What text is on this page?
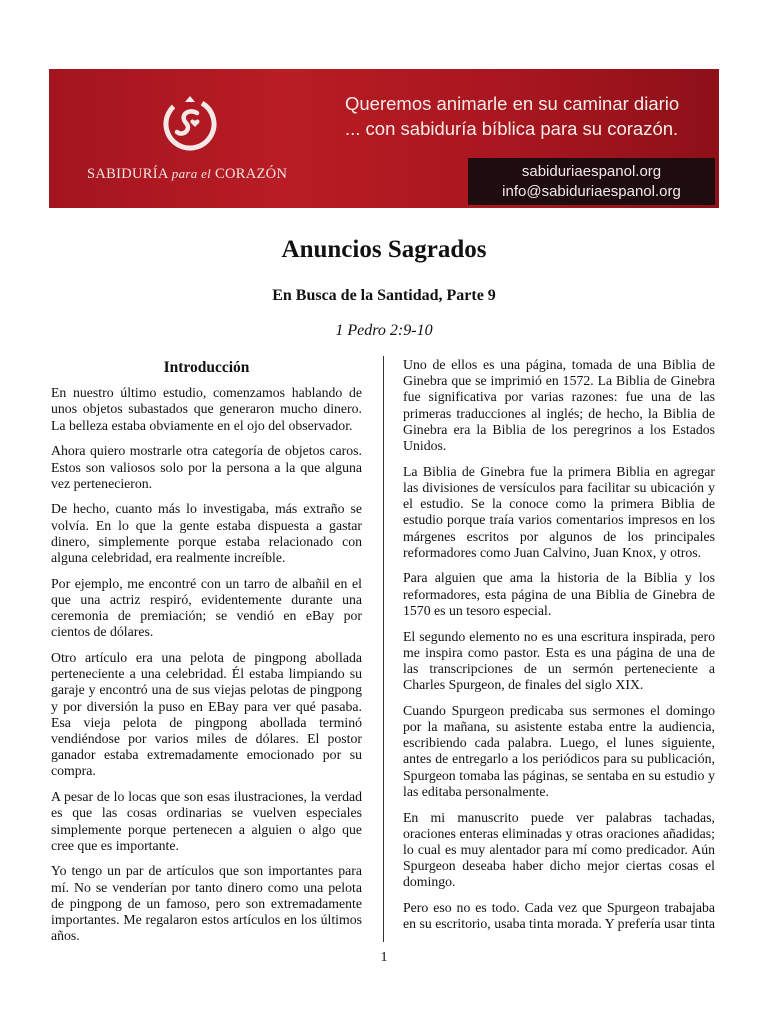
SABIDURÍA para el CORAZÓN
Queremos animarle en su caminar diario
... con sabiduría bíblica para su corazón.
sabiduriaespanol.org
info@sabiduriaespanol.org
Anuncios Sagrados
En Busca de la Santidad, Parte 9
1 Pedro 2:9-10
Introducción

En nuestro último estudio, comenzamos hablando de unos objetos subastados que generaron mucho dinero. La belleza estaba obviamente en el ojo del observador.

Ahora quiero mostrarle otra categoría de objetos caros. Estos son valiosos solo por la persona a la que alguna vez pertenecieron.

De hecho, cuanto más lo investigaba, más extraño se volvía. En lo que la gente estaba dispuesta a gastar dinero, simplemente porque estaba relacionado con alguna celebridad, era realmente increíble.

Por ejemplo, me encontré con un tarro de albañil en el que una actriz respiró, evidentemente durante una ceremonia de premiación; se vendió en eBay por cientos de dólares.

Otro artículo era una pelota de pingpong abollada perteneciente a una celebridad. Él estaba limpiando su garaje y encontró una de sus viejas pelotas de pingpong y por diversión la puso en EBay para ver qué pasaba. Esa vieja pelota de pingpong abollada terminó vendiéndose por varios miles de dólares. El postor ganador estaba extremadamente emocionado por su compra.

A pesar de lo locas que son esas ilustraciones, la verdad es que las cosas ordinarias se vuelven especiales simplemente porque pertenecen a alguien o algo que cree que es importante.

Yo tengo un par de artículos que son importantes para mí. No se venderían por tanto dinero como una pelota de pingpong de un famoso, pero son extremadamente importantes. Me regalaron estos artículos en los últimos años.

Uno de ellos es una página, tomada de una Biblia de Ginebra que se imprimió en 1572. La Biblia de Ginebra fue significativa por varias razones: fue una de las primeras traducciones al inglés; de hecho, la Biblia de Ginebra era la Biblia de los peregrinos a los Estados Unidos.

La Biblia de Ginebra fue la primera Biblia en agregar las divisiones de versículos para facilitar su ubicación y el estudio. Se la conoce como la primera Biblia de estudio porque traía varios comentarios impresos en los márgenes escritos por algunos de los principales reformadores como Juan Calvino, Juan Knox, y otros.

Para alguien que ama la historia de la Biblia y los reformadores, esta página de una Biblia de Ginebra de 1570 es un tesoro especial.

El segundo elemento no es una escritura inspirada, pero me inspira como pastor. Esta es una página de una de las transcripciones de un sermón perteneciente a Charles Spurgeon, de finales del siglo XIX.

Cuando Spurgeon predicaba sus sermones el domingo por la mañana, su asistente estaba entre la audiencia, escribiendo cada palabra. Luego, el lunes siguiente, antes de entregarlo a los periódicos para su publicación, Spurgeon tomaba las páginas, se sentaba en su estudio y las editaba personalmente.

En mi manuscrito puede ver palabras tachadas, oraciones enteras eliminadas y otras oraciones añadidas; lo cual es muy alentador para mí como predicador. Aún Spurgeon deseaba haber dicho mejor ciertas cosas el domingo.

Pero eso no es todo. Cada vez que Spurgeon trabajaba en su escritorio, usaba tinta morada. Y prefería usar tinta

1
